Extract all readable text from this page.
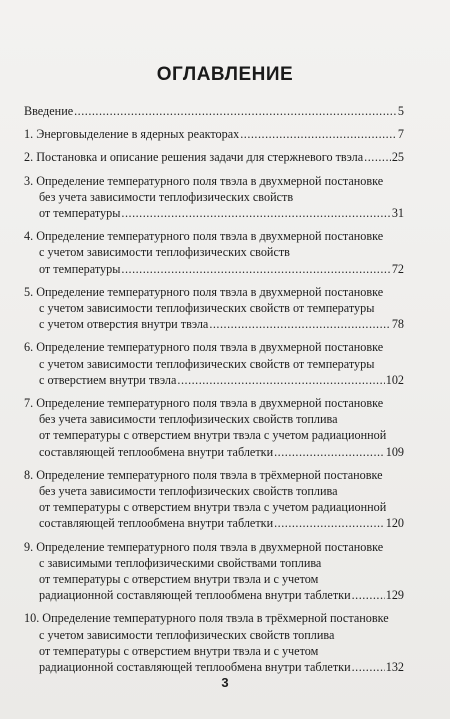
ОГЛАВЛЕНИЕ
Введение .....	5
1. Энерговыделение в ядерных реакторах .....	7
2. Постановка и описание решения задачи для стержневого твэла ..... 25
3. Определение температурного поля твэла в двухмерной постановке
без учета зависимости теплофизических свойств
от температуры .....	31
4. Определение температурного поля твэла в двухмерной постановке
с учетом зависимости теплофизических свойств
от температуры .....	72
5. Определение температурного поля твэла в двухмерной постановке
с учетом зависимости теплофизических свойств от температуры
с учетом отверстия внутри твэла .....	78
6. Определение температурного поля твэла в двухмерной постановке
с учетом зависимости теплофизических свойств от температуры
с отверстием внутри твэла .....	102
7. Определение температурного поля твэла в двухмерной постановке
без учета зависимости теплофизических свойств топлива
от температуры с отверстием внутри твэла с учетом радиационной
составляющей теплообмена внутри таблетки .....	109
8. Определение температурного поля твэла в трёхмерной постановке
без учета зависимости теплофизических свойств топлива
от температуры с отверстием внутри твэла с учетом радиационной
составляющей теплообмена внутри таблетки .....	120
9. Определение температурного поля твэла в двухмерной постановке
с зависимыми теплофизическими свойствами топлива
от температуры с отверстием внутри твэла и с учетом
радиационной составляющей теплообмена внутри таблетки .....	129
10. Определение температурного поля твэла в трёхмерной постановке
с учетом зависимости теплофизических свойств топлива
от температуры с отверстием внутри твэла и с учетом
радиационной составляющей теплообмена внутри таблетки .....	132
3
